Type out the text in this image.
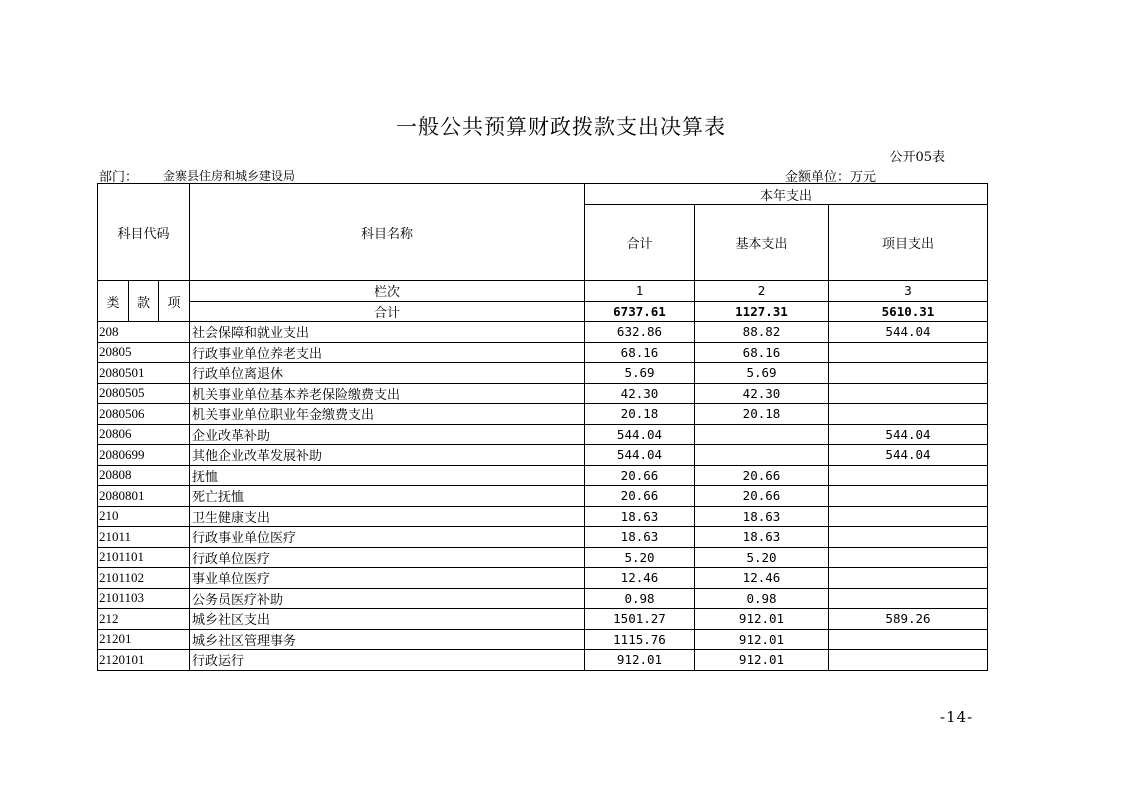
一般公共预算财政拨款支出决算表
公开05表
部门： 金寨县住房和城乡建设局	金额单位：万元
科目代码			科目名称	本年支出		
				合计	基本支出	项目支出
类	款	项	栏次	1	2	3
			合计	6737.61	1127.31	5610.31
208			社会保障和就业支出	632.86	88.82	544.04
20805			行政事业单位养老支出	68.16	68.16	
2080501			行政单位离退休	5.69	5.69	
2080505			机关事业单位基本养老保险缴费支出	42.30	42.30	
2080506			机关事业单位职业年金缴费支出	20.18	20.18	
20806			企业改革补助	544.04		544.04
2080699			其他企业改革发展补助	544.04		544.04
20808			抚恤	20.66	20.66	
2080801			死亡抚恤	20.66	20.66	
210			卫生健康支出	18.63	18.63	
21011			行政事业单位医疗	18.63	18.63	
2101101			行政单位医疗	5.20	5.20	
2101102			事业单位医疗	12.46	12.46	
2101103			公务员医疗补助	0.98	0.98	
212			城乡社区支出	1501.27	912.01	589.26
21201			城乡社区管理事务	1115.76	912.01	
2120101			行政运行	912.01	912.01	
-14-
